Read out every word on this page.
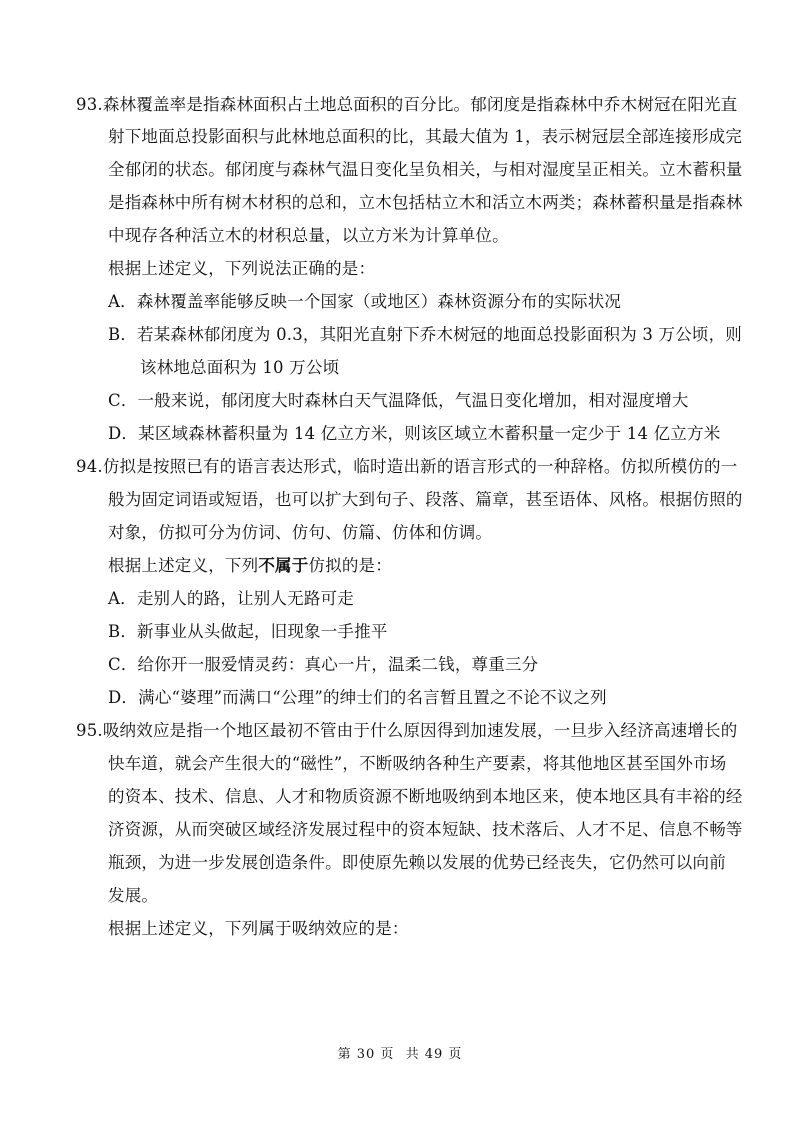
93.森林覆盖率是指森林面积占土地总面积的百分比。郁闭度是指森林中乔木树冠在阳光直
射下地面总投影面积与此林地总面积的比，其最大值为 1，表示树冠层全部连接形成完
全郁闭的状态。郁闭度与森林气温日变化呈负相关，与相对湿度呈正相关。立木蓄积量
是指森林中所有树木材积的总和，立木包括枯立木和活立木两类；森林蓄积量是指森林
中现存各种活立木的材积总量，以立方米为计算单位。
根据上述定义，下列说法正确的是：
A．森林覆盖率能够反映一个国家（或地区）森林资源分布的实际状况
B．若某森林郁闭度为 0.3，其阳光直射下乔木树冠的地面总投影面积为 3 万公顷，则
该林地总面积为 10 万公顷
C．一般来说，郁闭度大时森林白天气温降低，气温日变化增加，相对湿度增大
D．某区域森林蓄积量为 14 亿立方米，则该区域立木蓄积量一定少于 14 亿立方米
94.仿拟是按照已有的语言表达形式，临时造出新的语言形式的一种辞格。仿拟所模仿的一
般为固定词语或短语，也可以扩大到句子、段落、篇章，甚至语体、风格。根据仿照的
对象，仿拟可分为仿词、仿句、仿篇、仿体和仿调。
根据上述定义，下列不属于仿拟的是：
A．走别人的路，让别人无路可走
B．新事业从头做起，旧现象一手推平
C．给你开一服爱情灵药：真心一片，温柔二钱，尊重三分
D．满心“婆理”而满口“公理”的绅士们的名言暂且置之不论不议之列
95.吸纳效应是指一个地区最初不管由于什么原因得到加速发展，一旦步入经济高速增长的
快车道，就会产生很大的“磁性”，不断吸纳各种生产要素，将其他地区甚至国外市场
的资本、技术、信息、人才和物质资源不断地吸纳到本地区来，使本地区具有丰裕的经
济资源，从而突破区域经济发展过程中的资本短缺、技术落后、人才不足、信息不畅等
瓶颈，为进一步发展创造条件。即使原先赖以发展的优势已经丧失，它仍然可以向前
发展。
根据上述定义，下列属于吸纳效应的是：
第 30 页 共 49 页
